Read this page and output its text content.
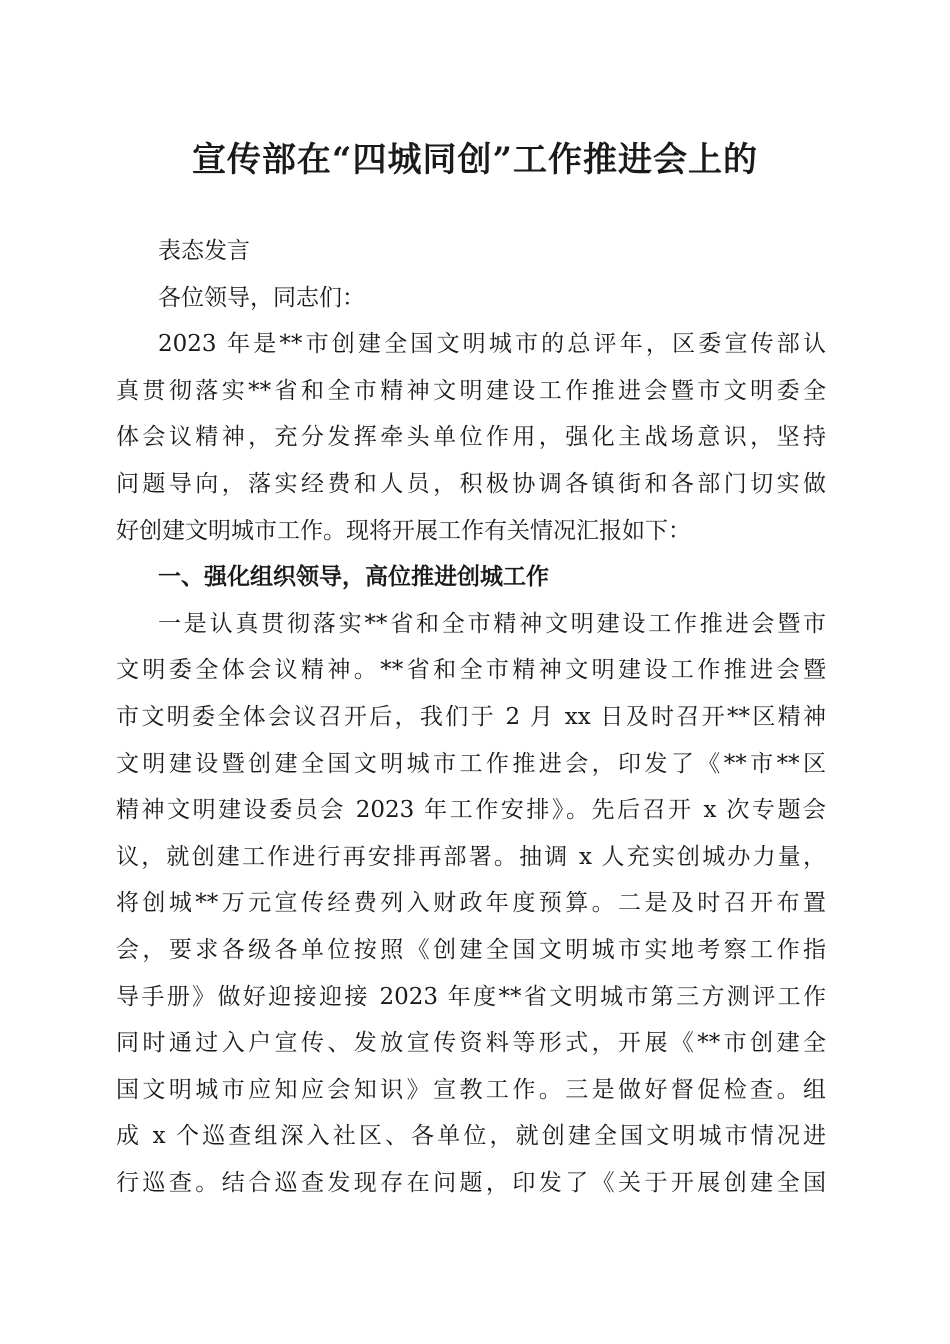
宣传部在“四城同创”工作推进会上的
表态发言
各位领导，同志们：
2023 年是**市创建全国文明城市的总评年，区委宣传部认
真贯彻落实**省和全市精神文明建设工作推进会暨市文明委全
体会议精神，充分发挥牵头单位作用，强化主战场意识，坚持
问题导向，落实经费和人员，积极协调各镇街和各部门切实做
好创建文明城市工作。现将开展工作有关情况汇报如下：
一、强化组织领导，高位推进创城工作
一是认真贯彻落实**省和全市精神文明建设工作推进会暨市
文明委全体会议精神。**省和全市精神文明建设工作推进会暨
市文明委全体会议召开后，我们于 2 月 xx 日及时召开**区精神
文明建设暨创建全国文明城市工作推进会，印发了《**市**区
精神文明建设委员会 2023 年工作安排》。先后召开 x 次专题会
议，就创建工作进行再安排再部署。抽调 x 人充实创城办力量，
将创城**万元宣传经费列入财政年度预算。二是及时召开布置
会，要求各级各单位按照《创建全国文明城市实地考察工作指
导手册》做好迎接迎接 2023 年度**省文明城市第三方测评工作
同时通过入户宣传、发放宣传资料等形式，开展《**市创建全
国文明城市应知应会知识》宣教工作。三是做好督促检查。组
成 x 个巡查组深入社区、各单位，就创建全国文明城市情况进
行巡查。结合巡查发现存在问题，印发了《关于开展创建全国
